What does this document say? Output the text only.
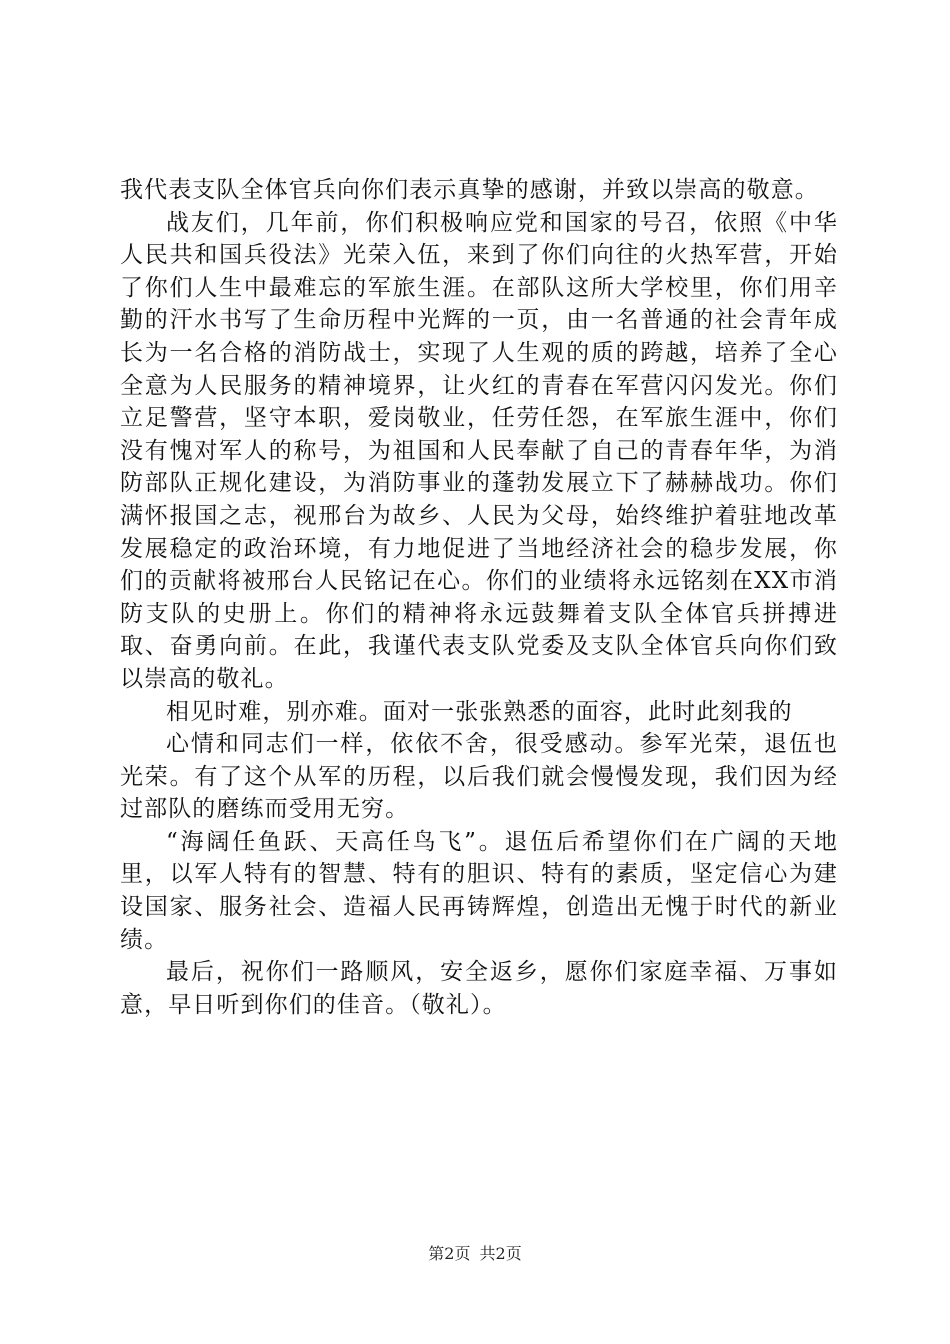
我代表支队全体官兵向你们表示真挚的感谢，并致以崇高的敬意。

战友们，几年前，你们积极响应党和国家的号召，依照《中华人民共和国兵役法》光荣入伍，来到了你们向往的火热军营，开始了你们人生中最难忘的军旅生涯。在部队这所大学校里，你们用辛勤的汗水书写了生命历程中光辉的一页，由一名普通的社会青年成长为一名合格的消防战士，实现了人生观的质的跨越，培养了全心全意为人民服务的精神境界，让火红的青春在军营闪闪发光。你们立足警营，坚守本职，爱岗敬业，任劳任怨，在军旅生涯中，你们没有愧对军人的称号，为祖国和人民奉献了自己的青春年华，为消防部队正规化建设，为消防事业的蓬勃发展立下了赫赫战功。你们满怀报国之志，视邢台为故乡、人民为父母，始终维护着驻地改革发展稳定的政治环境，有力地促进了当地经济社会的稳步发展，你们的贡献将被邢台人民铭记在心。你们的业绩将永远铭刻在XX市消防支队的史册上。你们的精神将永远鼓舞着支队全体官兵拼搏进取、奋勇向前。在此，我谨代表支队党委及支队全体官兵向你们致以崇高的敬礼。

相见时难，别亦难。面对一张张熟悉的面容，此时此刻我的

心情和同志们一样，依依不舍，很受感动。参军光荣，退伍也光荣。有了这个从军的历程，以后我们就会慢慢发现，我们因为经过部队的磨练而受用无穷。

“海阔任鱼跃、天高任鸟飞”。退伍后希望你们在广阔的天地里，以军人特有的智慧、特有的胆识、特有的素质，坚定信心为建设国家、服务社会、造福人民再铸辉煌，创造出无愧于时代的新业绩。

最后，祝你们一路顺风，安全返乡，愿你们家庭幸福、万事如意，早日听到你们的佳音。（敬礼）。

第2页 共2页
